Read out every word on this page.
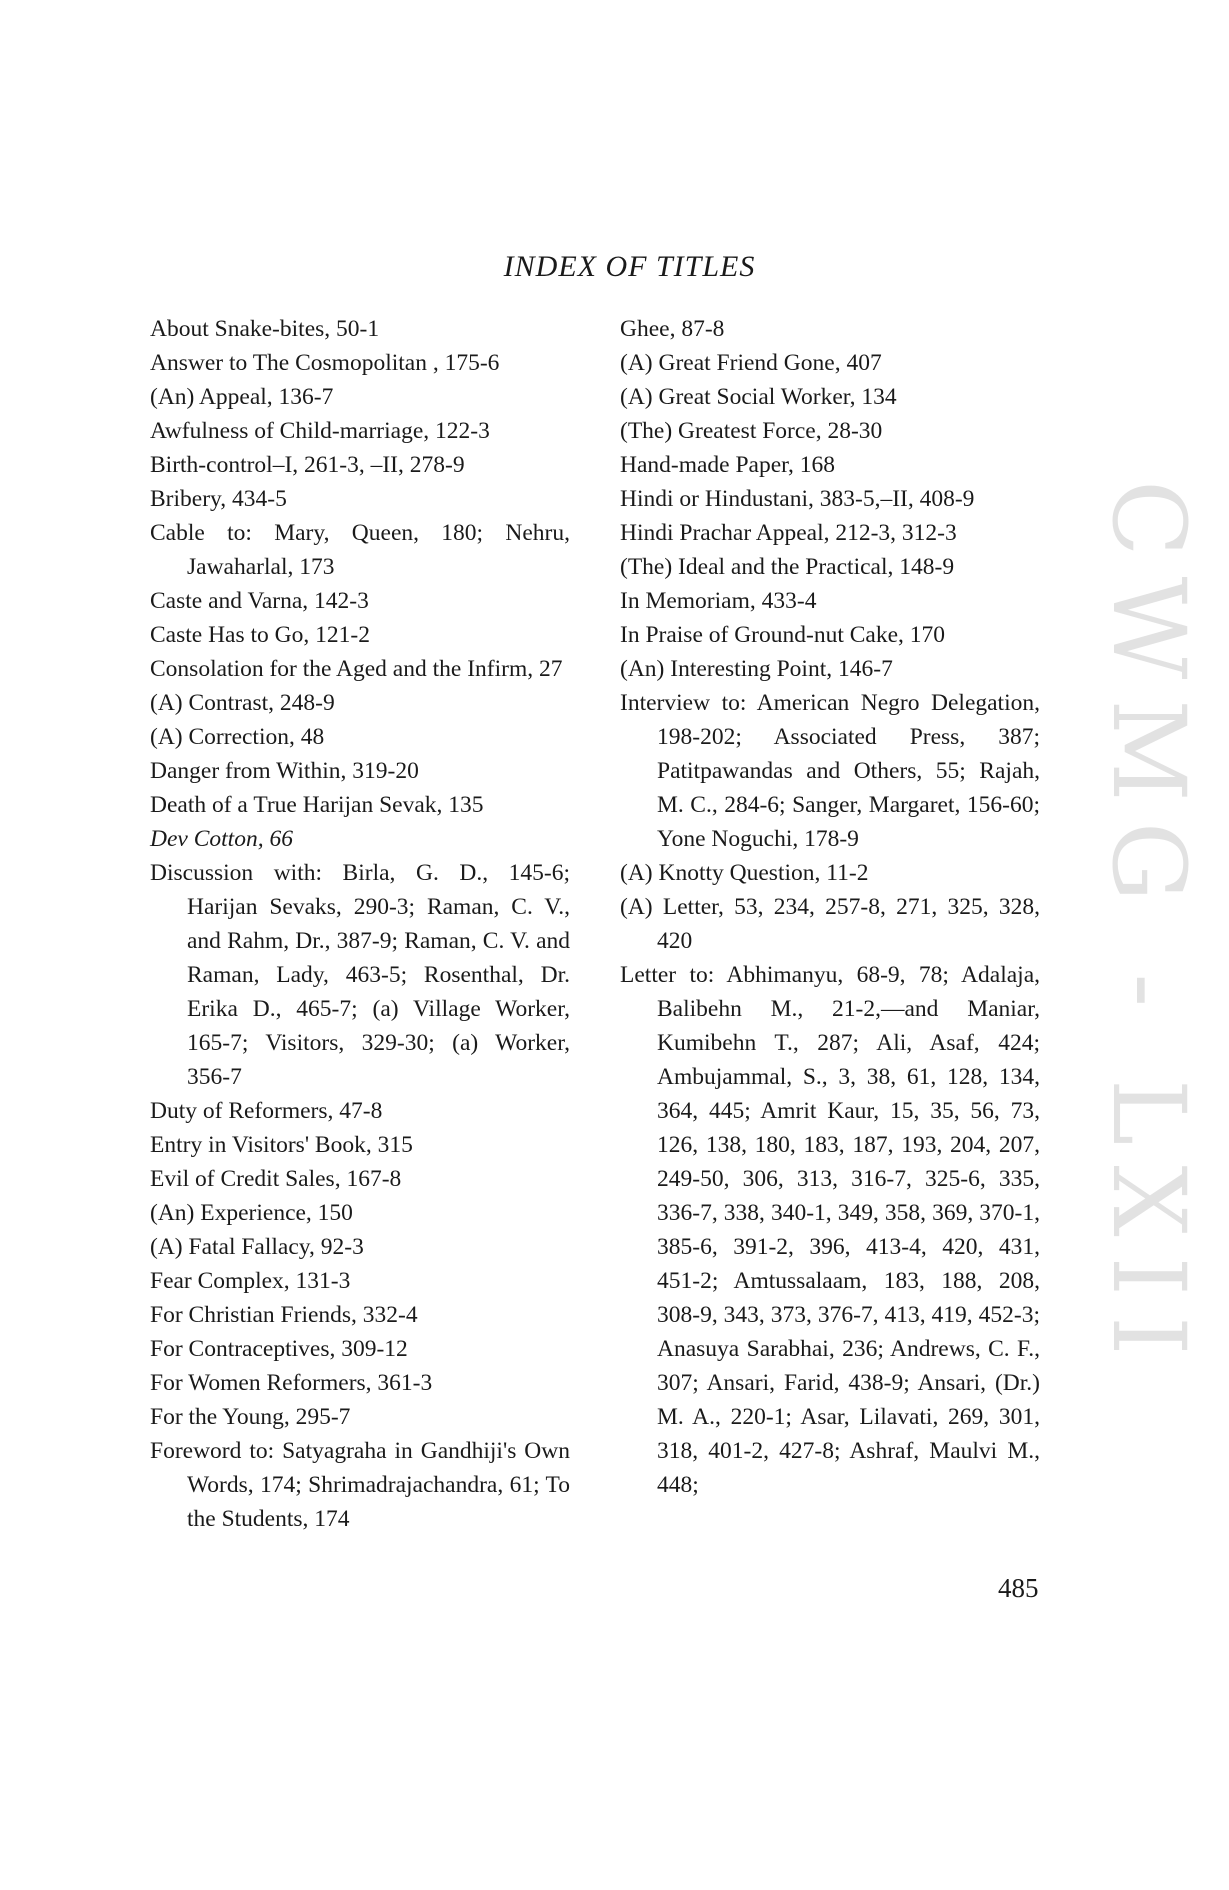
INDEX OF TITLES
CWMG - LXII
About Snake-bites, 50-1
Answer to The Cosmopolitan , 175-6
(An) Appeal, 136-7
Awfulness of Child-marriage, 122-3
Birth-control–I, 261-3, –II, 278-9
Bribery, 434-5
Cable to: Mary, Queen, 180; Nehru, Jawaharlal, 173
Caste and Varna, 142-3
Caste Has to Go, 121-2
Consolation for the Aged and the Infirm, 27
(A) Contrast, 248-9
(A) Correction, 48
Danger from Within, 319-20
Death of a True Harijan Sevak, 135
Dev Cotton, 66
Discussion with: Birla, G. D., 145-6; Harijan Sevaks, 290-3; Raman, C. V., and Rahm, Dr., 387-9; Raman, C. V. and Raman, Lady, 463-5; Rosenthal, Dr. Erika D., 465-7; (a) Village Worker, 165-7; Visitors, 329-30; (a) Worker, 356-7
Duty of Reformers, 47-8
Entry in Visitors' Book, 315
Evil of Credit Sales, 167-8
(An) Experience, 150
(A) Fatal Fallacy, 92-3
Fear Complex, 131-3
For Christian Friends, 332-4
For Contraceptives, 309-12
For Women Reformers, 361-3
For the Young, 295-7
Foreword to: Satyagraha in Gandhiji's Own Words, 174; Shrimadrajachandra, 61; To the Students, 174
Ghee, 87-8
(A) Great Friend Gone, 407
(A) Great Social Worker, 134
(The) Greatest Force, 28-30
Hand-made Paper, 168
Hindi or Hindustani, 383-5,–II, 408-9
Hindi Prachar Appeal, 212-3, 312-3
(The) Ideal and the Practical, 148-9
In Memoriam, 433-4
In Praise of Ground-nut Cake, 170
(An) Interesting Point, 146-7
Interview to: American Negro Delegation, 198-202; Associated Press, 387; Patitpawandas and Others, 55; Rajah, M. C., 284-6; Sanger, Margaret, 156-60; Yone Noguchi, 178-9
(A) Knotty Question, 11-2
(A) Letter, 53, 234, 257-8, 271, 325, 328, 420
Letter to: Abhimanyu, 68-9, 78; Adalaja, Balibehn M., 21-2,—and Maniar, Kumibehn T., 287; Ali, Asaf, 424; Ambujammal, S., 3, 38, 61, 128, 134, 364, 445; Amrit Kaur, 15, 35, 56, 73, 126, 138, 180, 183, 187, 193, 204, 207, 249-50, 306, 313, 316-7, 325-6, 335, 336-7, 338, 340-1, 349, 358, 369, 370-1, 385-6, 391-2, 396, 413-4, 420, 431, 451-2; Amtussalaam, 183, 188, 208, 308-9, 343, 373, 376-7, 413, 419, 452-3; Anasuya Sarabhai, 236; Andrews, C. F., 307; Ansari, Farid, 438-9; Ansari, (Dr.) M. A., 220-1; Asar, Lilavati, 269, 301, 318, 401-2, 427-8; Ashraf, Maulvi M., 448;
485
